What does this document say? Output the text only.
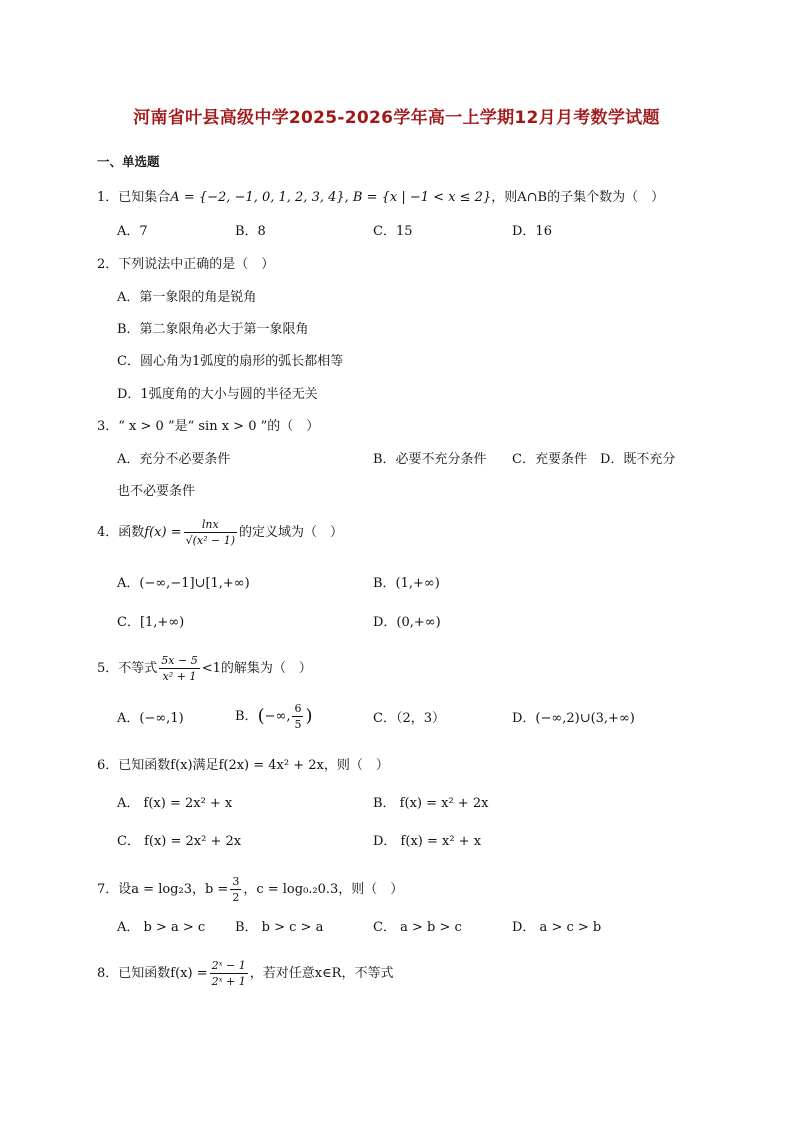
河南省叶县高级中学2025-2026学年高一上学期12月月考数学试题
一、单选题
1．已知集合A = {−2, −1, 0, 1, 2, 3, 4}, B = {x | −1 < x ≤ 2}，则A∩B的子集个数为（　）
A．7	B．8	C．15	D．16
2．下列说法中正确的是（　）
A．第一象限的角是锐角
B．第二象限角必大于第一象限角
C．圆心角为1弧度的扇形的弧长都相等
D．1弧度角的大小与圆的半径无关
3．“ x > 0 ”是“ sin x > 0 ”的（　）
A．充分不必要条件	B．必要不充分条件 C．充要条件 D．既不充分
也不必要条件
4．函数$f(x) = \frac{\ln x}{\text{√(x² − 1)}}$ 的定义域为（　）
A．(−∞,−1]∪[1,+∞)	B．(1,+∞)
C．[1,+∞)	D．(0,+∞)
5．不等式 $\frac{5x - 5}{\text{x² + 1}} <1$的解集为（　）
A．(−∞,1)	B．(−∞, $\frac{6}{5}$ )	C．（2，3）	D．(−∞,2)∪(3,+∞)
6．已知函数f(x)满足f(2x) = 4x² + 2x，则（　）
A． f(x) = 2x² + x	B． f(x) = x² + 2x
C． f(x) = 2x² + 2x	D． f(x) = x² + x
7．设a = log₂3，$b = \frac{3}{2}$ ，c = log₀.₂0.3，则（　）
A． b > a > c B． b > c > a	C． a > b > c	D． a > c > b
8．已知函数$f(x) = \frac{\text{2ˣ − 1}}{\text{2ˣ + 1}}$ ，若对任意x∈R，不等式
